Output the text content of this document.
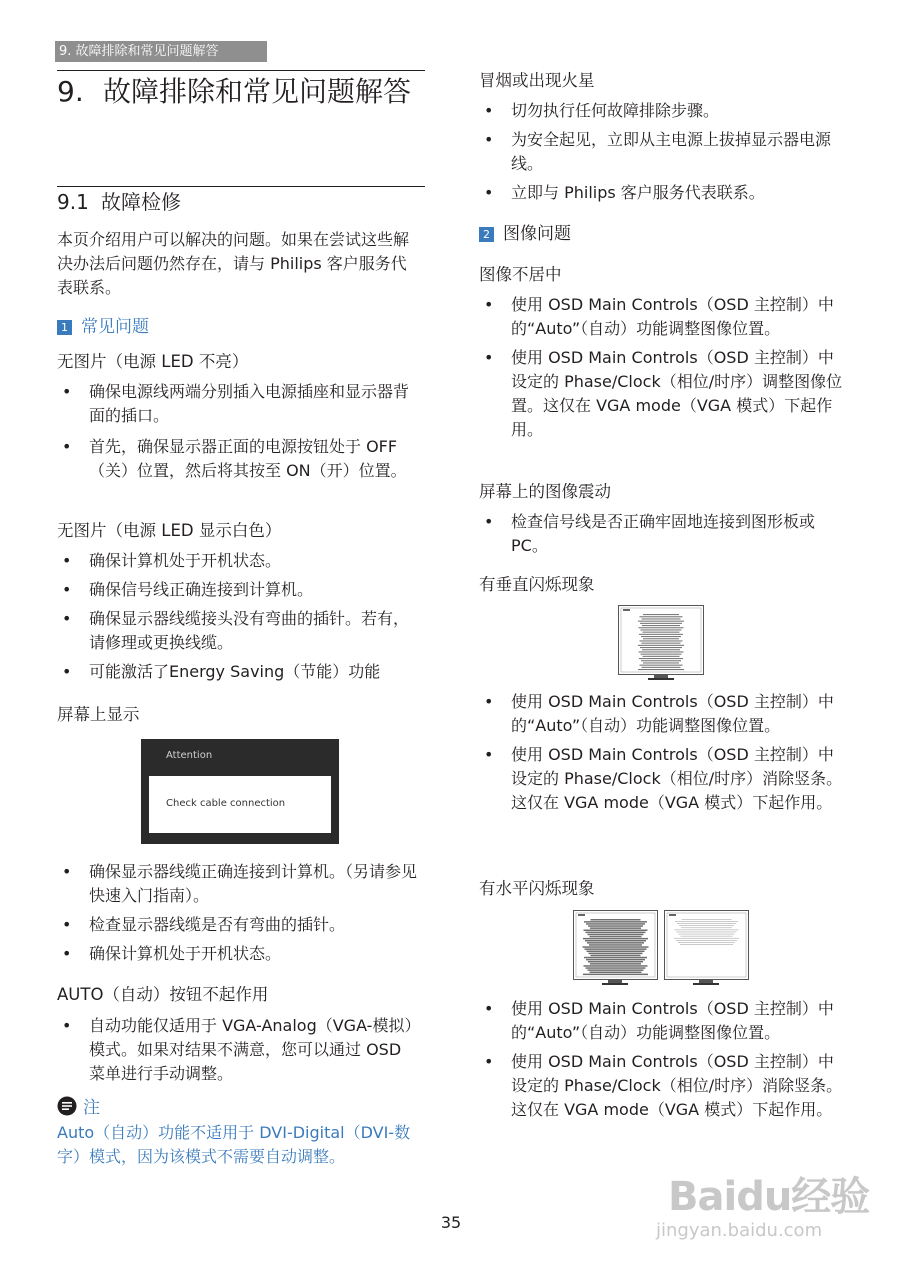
9. 故障排除和常见问题解答
9. 故障排除和常见问题解答
9.1 故障检修

本页介绍用户可以解决的问题。如果在尝试这些解决办法后问题仍然存在，请与 Philips 客户服务代表联系。

1 常见问题
无图片（电源 LED 不亮）
• 确保电源线两端分别插入电源插座和显示器背面的插口。
• 首先，确保显示器正面的电源按钮处于 OFF（关）位置，然后将其按至 ON（开）位置。
无图片（电源 LED 显示白色）
• 确保计算机处于开机状态。
• 确保信号线正确连接到计算机。
• 确保显示器线缆接头没有弯曲的插针。若有，请修理或更换线缆。
• 可能激活了Energy Saving（节能）功能
屏幕上显示
Attention
Check cable connection
• 确保显示器线缆正确连接到计算机。（另请参见快速入门指南）。
• 检查显示器线缆是否有弯曲的插针。
• 确保计算机处于开机状态。
AUTO（自动）按钮不起作用
• 自动功能仅适用于 VGA-Analog（VGA-模拟）模式。如果对结果不满意，您可以通过 OSD 菜单进行手动调整。
注

Auto（自动）功能不适用于 DVI-Digital（DVI-数字）模式，因为该模式不需要自动调整。

冒烟或出现火星
• 切勿执行任何故障排除步骤。
• 为安全起见，立即从主电源上拔掉显示器电源线。
• 立即与 Philips 客户服务代表联系。
2 图像问题
图像不居中
• 使用 OSD Main Controls（OSD 主控制）中的“Auto”（自动）功能调整图像位置。
• 使用 OSD Main Controls（OSD 主控制）中设定的 Phase/Clock（相位/时序）调整图像位置。这仅在 VGA mode（VGA 模式）下起作用。
屏幕上的图像震动
• 检查信号线是否正确牢固地连接到图形板或 PC。
有垂直闪烁现象
• 使用 OSD Main Controls（OSD 主控制）中的“Auto”（自动）功能调整图像位置。
• 使用 OSD Main Controls（OSD 主控制）中设定的 Phase/Clock（相位/时序）消除竖条。这仅在 VGA mode（VGA 模式）下起作用。
有水平闪烁现象
• 使用 OSD Main Controls（OSD 主控制）中的“Auto”（自动）功能调整图像位置。
• 使用 OSD Main Controls（OSD 主控制）中设定的 Phase/Clock（相位/时序）消除竖条。这仅在 VGA mode（VGA 模式）下起作用。
35
Baidu经验
jingyan.baidu.com
